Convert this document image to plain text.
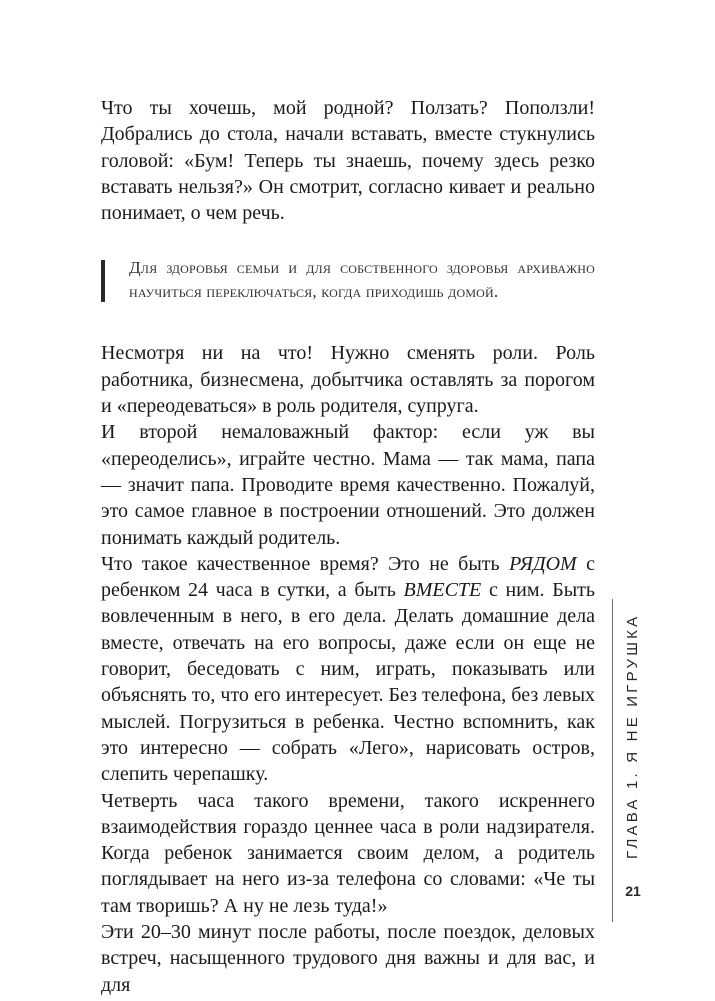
Что ты хочешь, мой родной? Ползать? Поползли! Добрались до стола, начали вставать, вместе стукнулись головой: «Бум! Теперь ты знаешь, почему здесь резко вставать нельзя?» Он смотрит, согласно кивает и реально понимает, о чем речь.

Для здоровья семьи и для собственного здоровья архиважно научиться переключаться, когда приходишь домой.

Несмотря ни на что! Нужно сменять роли. Роль работника, бизнесмена, добытчика оставлять за порогом и «переодеваться» в роль родителя, супруга.

И второй немаловажный фактор: если уж вы «переоделись», играйте честно. Мама — так мама, папа — значит папа. Проводите время качественно. Пожалуй, это самое главное в построении отношений. Это должен понимать каждый родитель.

Что такое качественное время? Это не быть РЯДОМ с ребенком 24 часа в сутки, а быть ВМЕСТЕ с ним. Быть вовлеченным в него, в его дела. Делать домашние дела вместе, отвечать на его вопросы, даже если он еще не говорит, беседовать с ним, играть, показывать или объяснять то, что его интересует. Без телефона, без левых мыслей. Погрузиться в ребенка. Честно вспомнить, как это интересно — собрать «Лего», нарисовать остров, слепить черепашку.

Четверть часа такого времени, такого искреннего взаимодействия гораздо ценнее часа в роли надзирателя. Когда ребенок занимается своим делом, а родитель поглядывает на него из-за телефона со словами: «Че ты там творишь? А ну не лезь туда!»

Эти 20–30 минут после работы, после поездок, деловых встреч, насыщенного трудового дня важны и для вас, и для

ГЛАВА 1. Я НЕ ИГРУШКА
21
